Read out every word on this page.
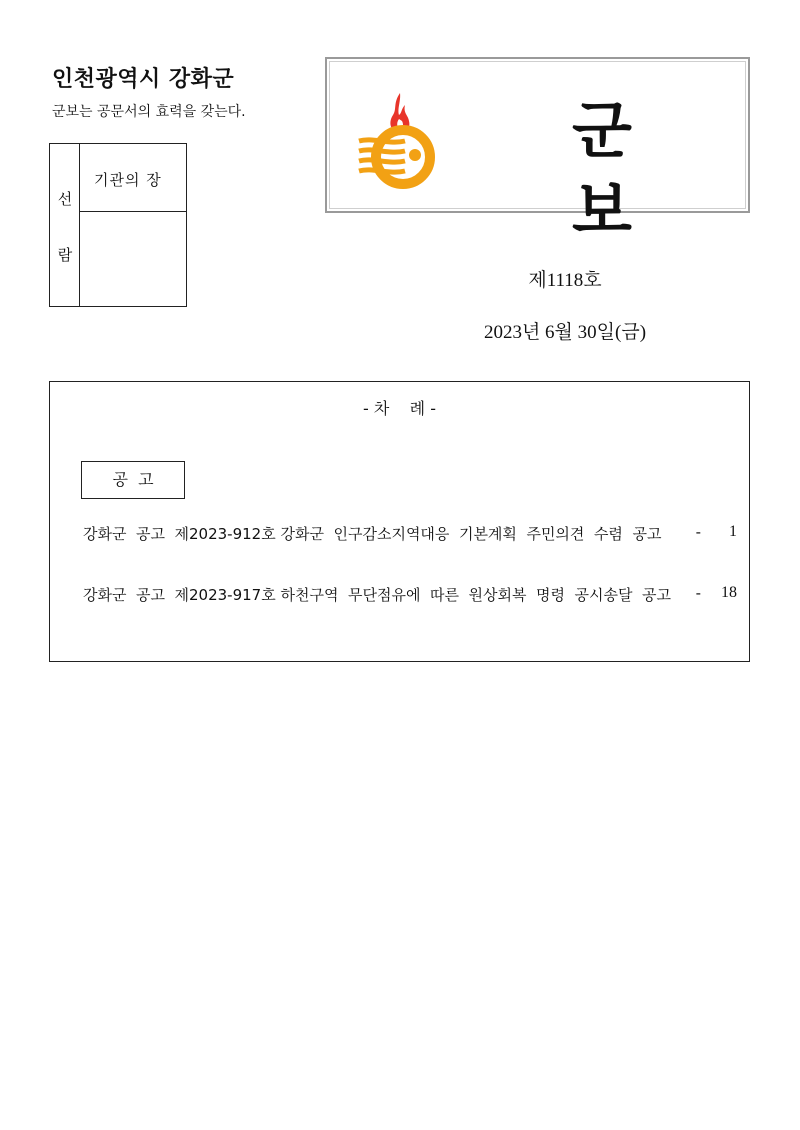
인천광역시 강화군
군보는 공문서의 효력을 갖는다.
선
람
기관의 장
군보
제1118호
2023년 6월 30일(금)
- 차    례 -
공  고
강화군  공고  제2023-912호 강화군  인구감소지역대응  기본계획  주민의견  수렴  공고 - 1
강화군  공고  제2023-917호 하천구역  무단점유에  따른  원상회복  명령  공시송달  공고 - 18
